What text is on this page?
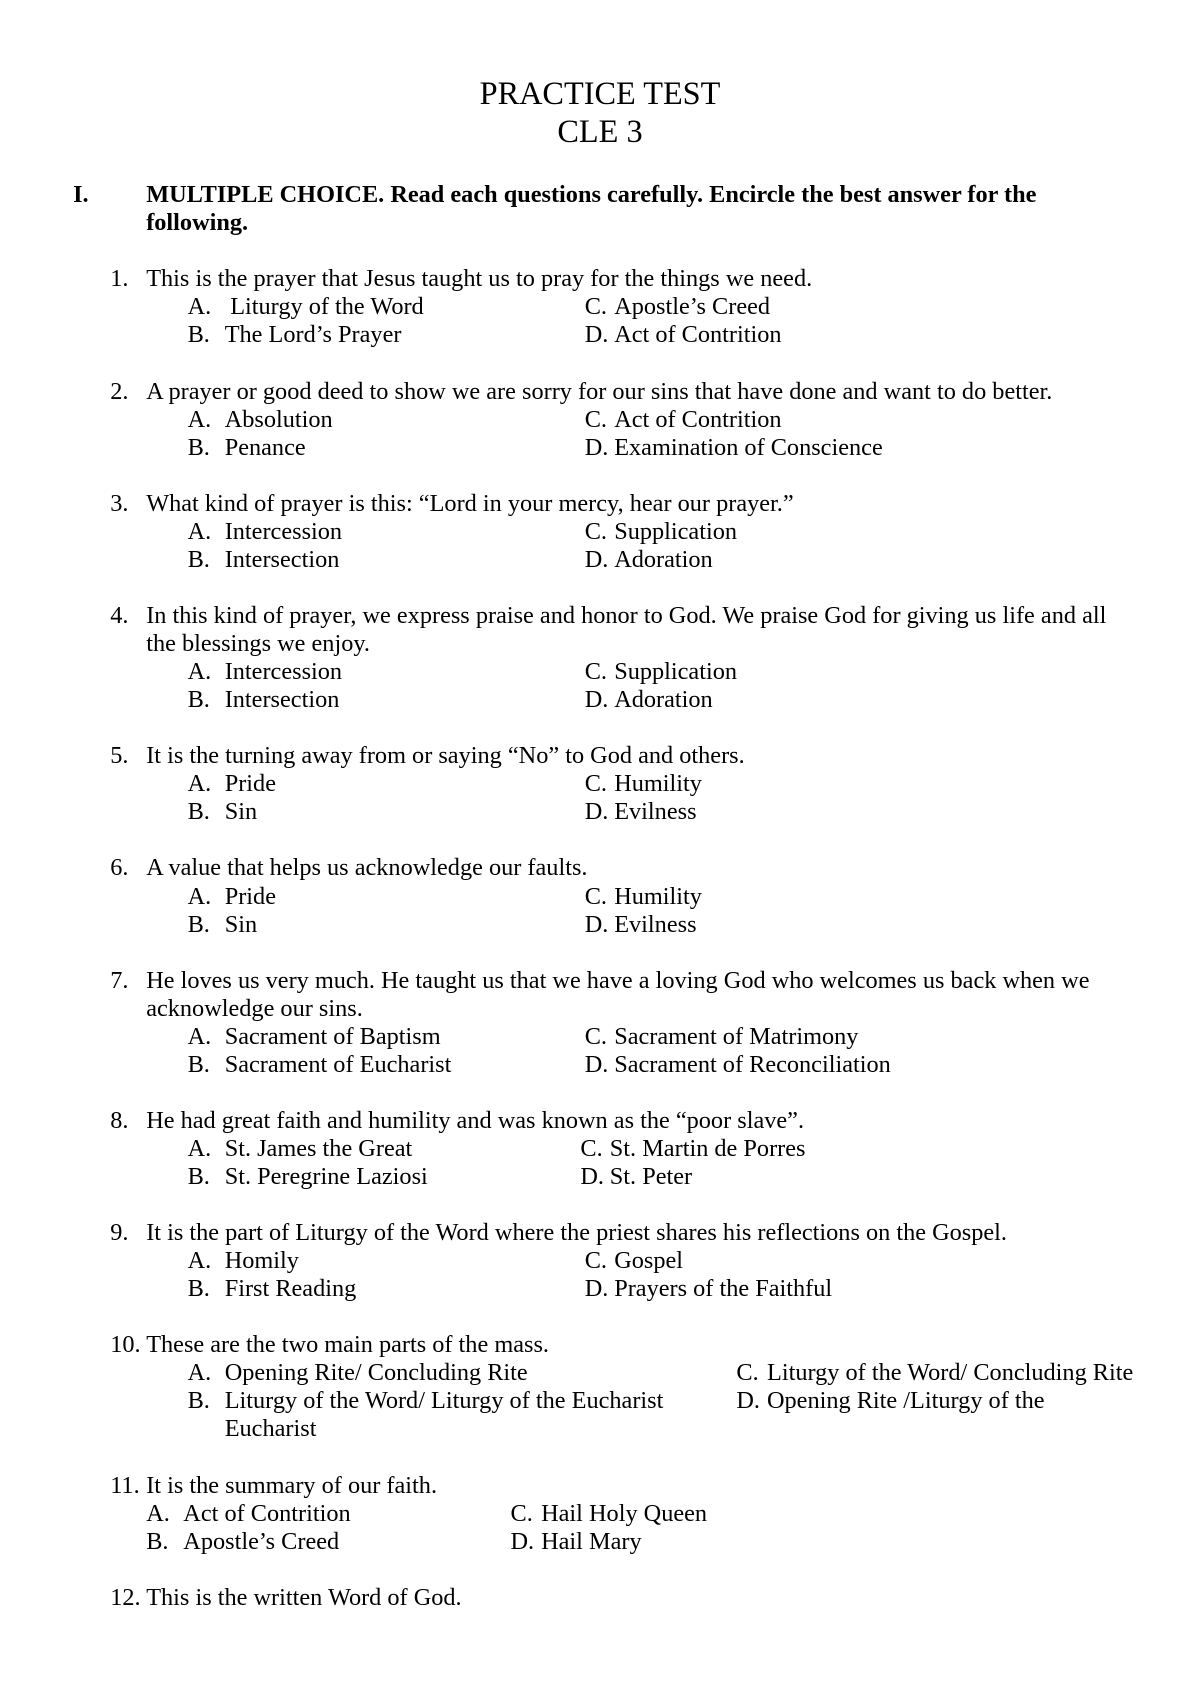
PRACTICE TEST
CLE 3
I. MULTIPLE CHOICE. Read each questions carefully. Encircle the best answer for the following.
1. This is the prayer that Jesus taught us to pray for the things we need.
A. Liturgy of the Word	C. Apostle’s Creed
B. The Lord’s Prayer	D. Act of Contrition
2. A prayer or good deed to show we are sorry for our sins that have done and want to do better.
A. Absolution	C. Act of Contrition
B. Penance	D. Examination of Conscience
3. What kind of prayer is this: “Lord in your mercy, hear our prayer.”
A. Intercession	C. Supplication
B. Intersection	D. Adoration
4. In this kind of prayer, we express praise and honor to God. We praise God for giving us life and all the blessings we enjoy.
A. Intercession	C. Supplication
B. Intersection	D. Adoration
5. It is the turning away from or saying “No” to God and others.
A. Pride	C. Humility
B. Sin	D. Evilness
6. A value that helps us acknowledge our faults.
A. Pride	C. Humility
B. Sin	D. Evilness
7. He loves us very much. He taught us that we have a loving God who welcomes us back when we acknowledge our sins.
A. Sacrament of Baptism	C. Sacrament of Matrimony
B. Sacrament of Eucharist	D. Sacrament of Reconciliation
8. He had great faith and humility and was known as the “poor slave”.
A. St. James the Great	C. St. Martin de Porres
B. St. Peregrine Laziosi	D. St. Peter
9. It is the part of Liturgy of the Word where the priest shares his reflections on the Gospel.
A. Homily	C. Gospel
B. First Reading	D. Prayers of the Faithful
10. These are the two main parts of the mass.
A. Opening Rite/ Concluding Rite	C. Liturgy of the Word/ Concluding Rite
B. Liturgy of the Word/ Liturgy of the Eucharist	D. Opening Rite /Liturgy of the Eucharist
11. It is the summary of our faith.
A. Act of Contrition	C. Hail Holy Queen
B. Apostle’s Creed	D. Hail Mary
12. This is the written Word of God.
